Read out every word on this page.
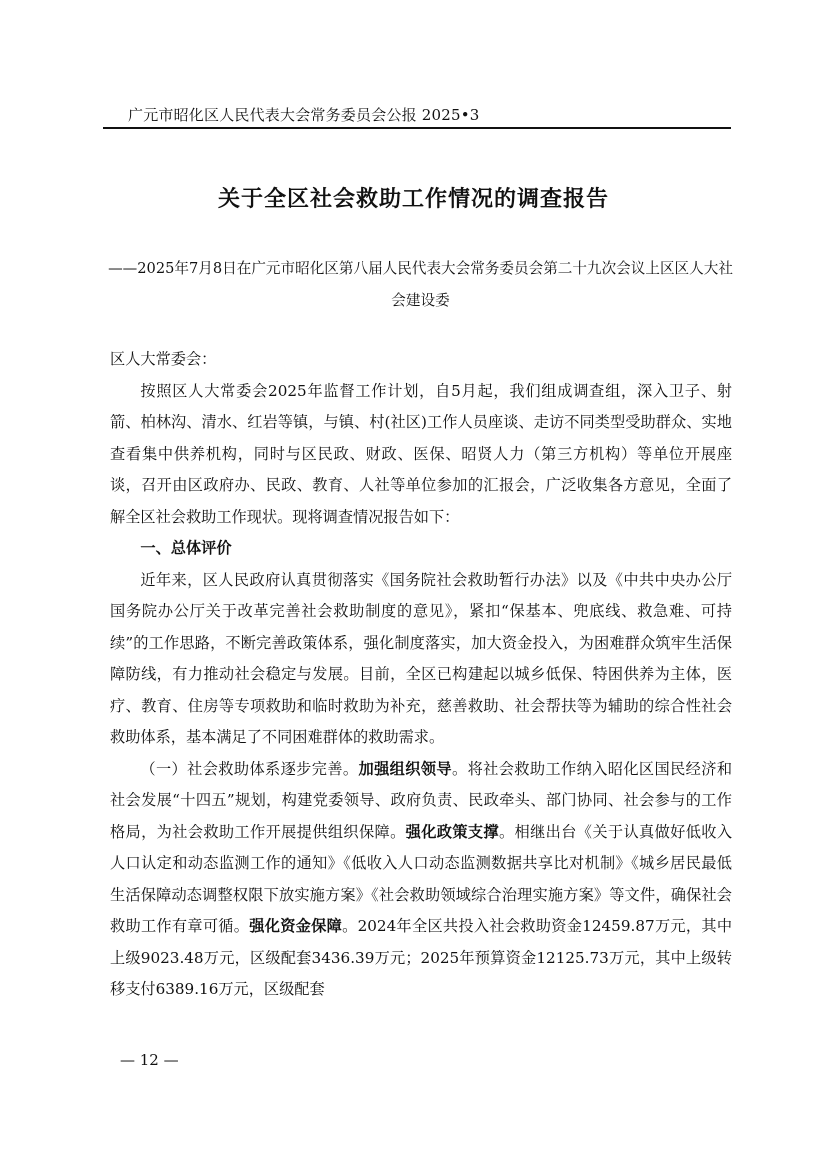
广元市昭化区人民代表大会常务委员会公报 2025•3
关于全区社会救助工作情况的调查报告
——2025年7月8日在广元市昭化区第八届人民代表大会常务委员会第二十九次会议上区区人大社会建设委

区人大常委会：

按照区人大常委会2025年监督工作计划，自5月起，我们组成调查组，深入卫子、射箭、柏林沟、清水、红岩等镇，与镇、村(社区)工作人员座谈、走访不同类型受助群众、实地查看集中供养机构，同时与区民政、财政、医保、昭贤人力（第三方机构）等单位开展座谈，召开由区政府办、民政、教育、人社等单位参加的汇报会，广泛收集各方意见，全面了解全区社会救助工作现状。现将调查情况报告如下：

一、总体评价

近年来，区人民政府认真贯彻落实《国务院社会救助暂行办法》以及《中共中央办公厅 国务院办公厅关于改革完善社会救助制度的意见》，紧扣“保基本、兜底线、救急难、可持续”的工作思路，不断完善政策体系，强化制度落实，加大资金投入，为困难群众筑牢生活保障防线，有力推动社会稳定与发展。目前，全区已构建起以城乡低保、特困供养为主体，医疗、教育、住房等专项救助和临时救助为补充，慈善救助、社会帮扶等为辅助的综合性社会救助体系，基本满足了不同困难群体的救助需求。

（一）社会救助体系逐步完善。加强组织领导。将社会救助工作纳入昭化区国民经济和社会发展“十四五”规划，构建党委领导、政府负责、民政牵头、部门协同、社会参与的工作格局，为社会救助工作开展提供组织保障。强化政策支撑。相继出台《关于认真做好低收入人口认定和动态监测工作的通知》《低收入人口动态监测数据共享比对机制》《城乡居民最低生活保障动态调整权限下放实施方案》《社会救助领域综合治理实施方案》等文件，确保社会救助工作有章可循。强化资金保障。2024年全区共投入社会救助资金12459.87万元，其中上级9023.48万元，区级配套3436.39万元；2025年预算资金12125.73万元，其中上级转移支付6389.16万元，区级配套

— 12 —
